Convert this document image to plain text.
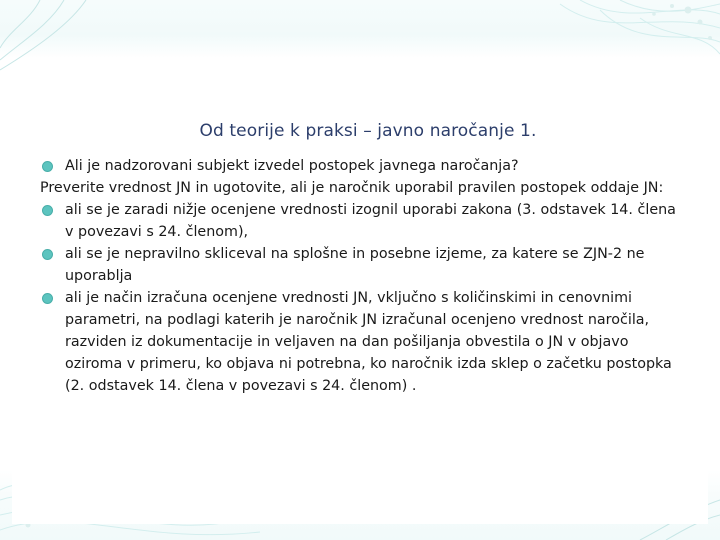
Od teorije k praksi – javno naročanje 1.

Ali je nadzorovani subjekt izvedel postopek javnega naročanja?

Preverite vrednost JN in ugotovite, ali je naročnik uporabil pravilen postopek oddaje JN:

ali se je zaradi nižje ocenjene vrednosti izognil uporabi zakona (3. odstavek 14. člena v povezavi s 24. členom),

ali se je nepravilno skliceval na splošne in posebne izjeme, za katere se ZJN-2 ne uporablja

ali je način izračuna ocenjene vrednosti JN, vključno s količinskimi in cenovnimi parametri, na podlagi katerih je naročnik JN izračunal ocenjeno vrednost naročila, razviden iz dokumentacije in veljaven na dan pošiljanja obvestila o JN v objavo oziroma v primeru, ko objava ni potrebna, ko naročnik izda sklep o začetku postopka (2. odstavek 14. člena v povezavi s 24. členom) .
